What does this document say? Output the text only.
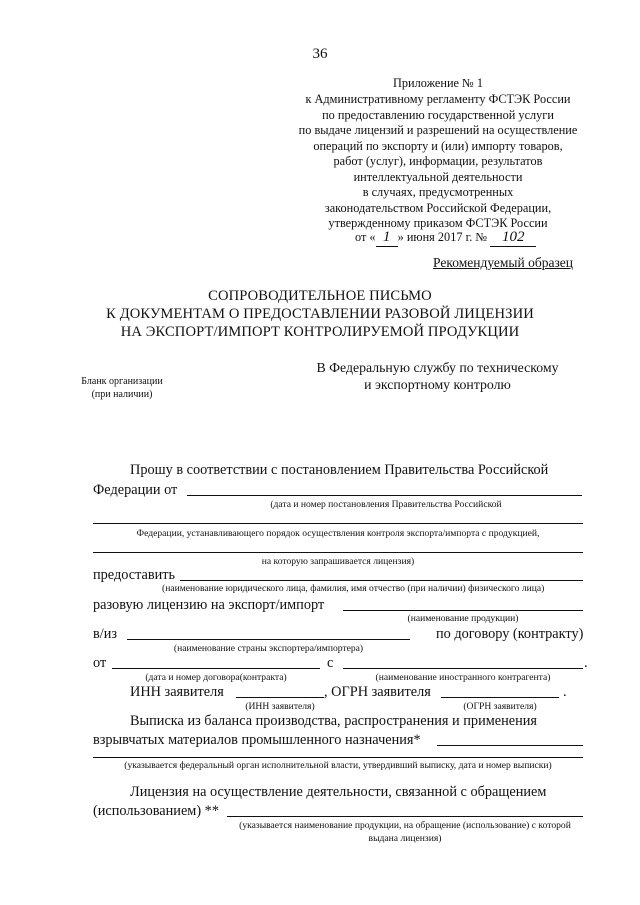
36
Приложение № 1
к Административному регламенту ФСТЭК России
по предоставлению государственной услуги
по выдаче лицензий и разрешений на осуществление
операций по экспорту и (или) импорту товаров,
работ (услуг), информации, результатов
интеллектуальной деятельности
в случаях, предусмотренных
законодательством Российской Федерации,
утвержденному приказом ФСТЭК России
от « 1 » июня 2017 г. № 102
Рекомендуемый образец
СОПРОВОДИТЕЛЬНОЕ ПИСЬМО
К ДОКУМЕНТАМ О ПРЕДОСТАВЛЕНИИ РАЗОВОЙ ЛИЦЕНЗИИ
НА ЭКСПОРТ/ИМПОРТ КОНТРОЛИРУЕМОЙ ПРОДУКЦИИ
В Федеральную службу по техническому
и экспортному контролю
Бланк организации
(при наличии)
Прошу в соответствии с постановлением Правительства Российской
Федерации от
(дата и номер постановления Правительства Российской
Федерации, устанавливающего порядок осуществления контроля экспорта/импорта с продукцией,
на которую запрашивается лицензия)
предоставить
(наименование юридического лица, фамилия, имя отчество (при наличии) физического лица)
разовую лицензию на экспорт/импорт
(наименование продукции)
в/из	по договору (контракту)
(наименование страны экспортера/импортера)
от	с	.
(дата и номер договора(контракта)	(наименование иностранного контрагента)
ИНН заявителя	, ОГРН заявителя	.
(ИНН заявителя)	(ОГРН заявителя)
Выписка из баланса производства, распространения и применения
взрывчатых материалов промышленного назначения*
(указывается федеральный орган исполнительной власти, утвердивший выписку, дата и номер выписки)
Лицензия на осуществление деятельности, связанной с обращением
(использованием) **
(указывается наименование продукции, на обращение (использование) с которой
выдана лицензия)
